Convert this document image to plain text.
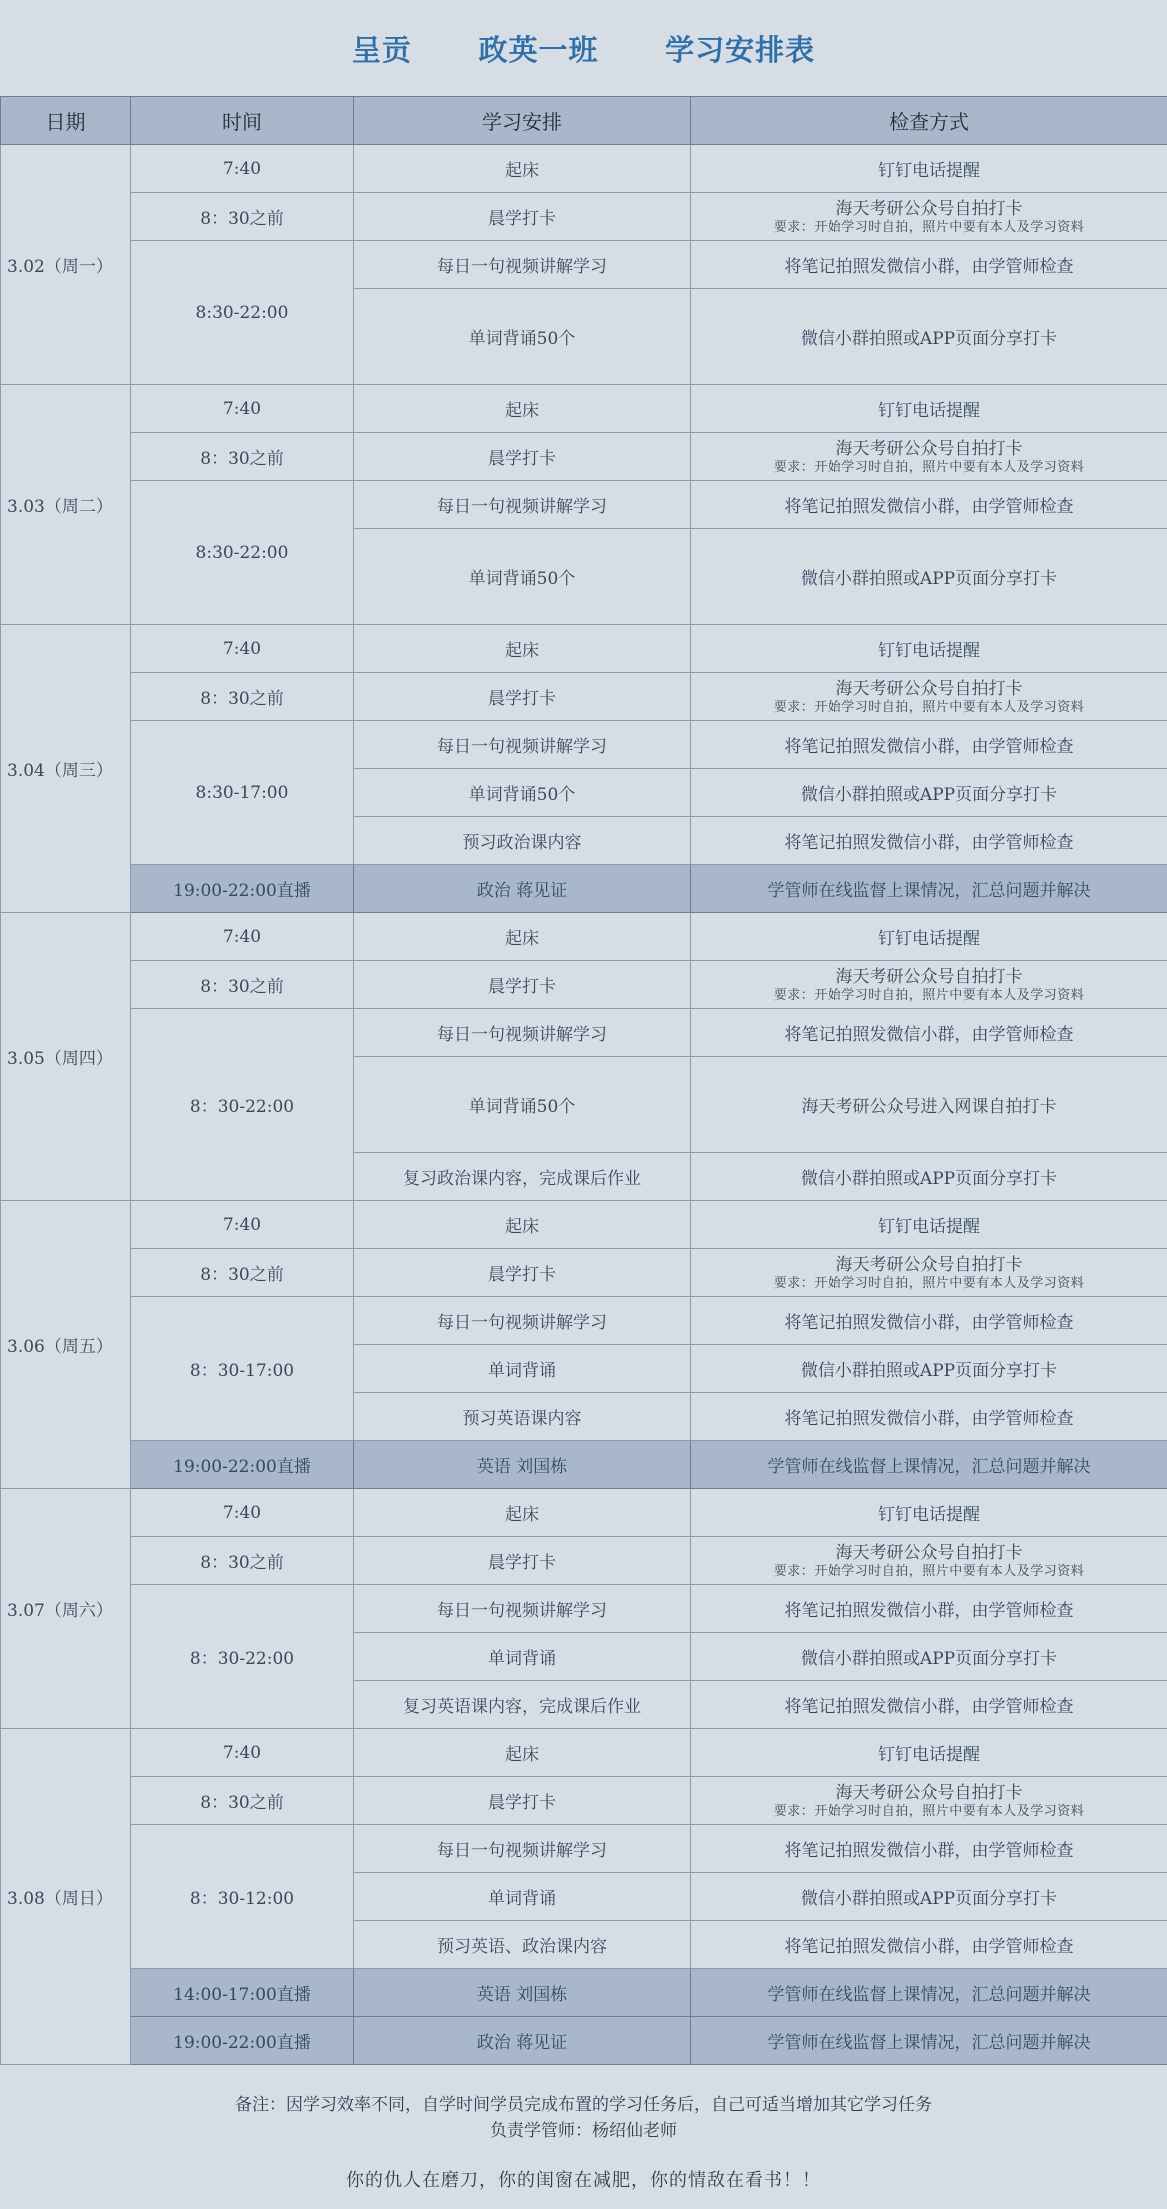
呈贡      政英一班      学习安排表
日期	时间	学习安排	检查方式
3.02（周一）	7:40	起床	钉钉电话提醒
	8：30之前	晨学打卡	海天考研公众号自拍打卡
要求：开始学习时自拍，照片中要有本人及学习资料

	8:30-22:00	每日一句视频讲解学习	将笔记拍照发微信小群，由学管师检查
		单词背诵50个	微信小群拍照或APP页面分享打卡
3.03（周二）	7:40	起床	钉钉电话提醒
	8：30之前	晨学打卡	海天考研公众号自拍打卡
要求：开始学习时自拍，照片中要有本人及学习资料

	8:30-22:00	每日一句视频讲解学习	将笔记拍照发微信小群，由学管师检查
		单词背诵50个	微信小群拍照或APP页面分享打卡
3.04（周三）	7:40	起床	钉钉电话提醒
	8：30之前	晨学打卡	海天考研公众号自拍打卡
要求：开始学习时自拍，照片中要有本人及学习资料

	8:30-17:00	每日一句视频讲解学习	将笔记拍照发微信小群，由学管师检查
		单词背诵50个	微信小群拍照或APP页面分享打卡
		预习政治课内容	将笔记拍照发微信小群，由学管师检查
	19:00-22:00直播	政治 蒋见证	学管师在线监督上课情况，汇总问题并解决
3.05（周四）	7:40	起床	钉钉电话提醒
	8：30之前	晨学打卡	海天考研公众号自拍打卡
要求：开始学习时自拍，照片中要有本人及学习资料

	8：30-22:00	每日一句视频讲解学习	将笔记拍照发微信小群，由学管师检查
		单词背诵50个	海天考研公众号进入网课自拍打卡
		复习政治课内容，完成课后作业	微信小群拍照或APP页面分享打卡
3.06（周五）	7:40	起床	钉钉电话提醒
	8：30之前	晨学打卡	海天考研公众号自拍打卡
要求：开始学习时自拍，照片中要有本人及学习资料

	8：30-17:00	每日一句视频讲解学习	将笔记拍照发微信小群，由学管师检查
		单词背诵	微信小群拍照或APP页面分享打卡
		预习英语课内容	将笔记拍照发微信小群，由学管师检查
	19:00-22:00直播	英语 刘国栋	学管师在线监督上课情况，汇总问题并解决
3.07（周六）	7:40	起床	钉钉电话提醒
	8：30之前	晨学打卡	海天考研公众号自拍打卡
要求：开始学习时自拍，照片中要有本人及学习资料

	8：30-22:00	每日一句视频讲解学习	将笔记拍照发微信小群，由学管师检查
		单词背诵	微信小群拍照或APP页面分享打卡
		复习英语课内容，完成课后作业	将笔记拍照发微信小群，由学管师检查
3.08（周日）	7:40	起床	钉钉电话提醒
	8：30之前	晨学打卡	海天考研公众号自拍打卡
要求：开始学习时自拍，照片中要有本人及学习资料

	8：30-12:00	每日一句视频讲解学习	将笔记拍照发微信小群，由学管师检查
		单词背诵	微信小群拍照或APP页面分享打卡
		预习英语、政治课内容	将笔记拍照发微信小群，由学管师检查
	14:00-17:00直播	英语 刘国栋	学管师在线监督上课情况，汇总问题并解决
	19:00-22:00直播	政治 蒋见证	学管师在线监督上课情况，汇总问题并解决
备注：因学习效率不同，自学时间学员完成布置的学习任务后，自己可适当增加其它学习任务
负责学管师：杨绍仙老师
你的仇人在磨刀，你的闺窗在减肥，你的情敌在看书！！
